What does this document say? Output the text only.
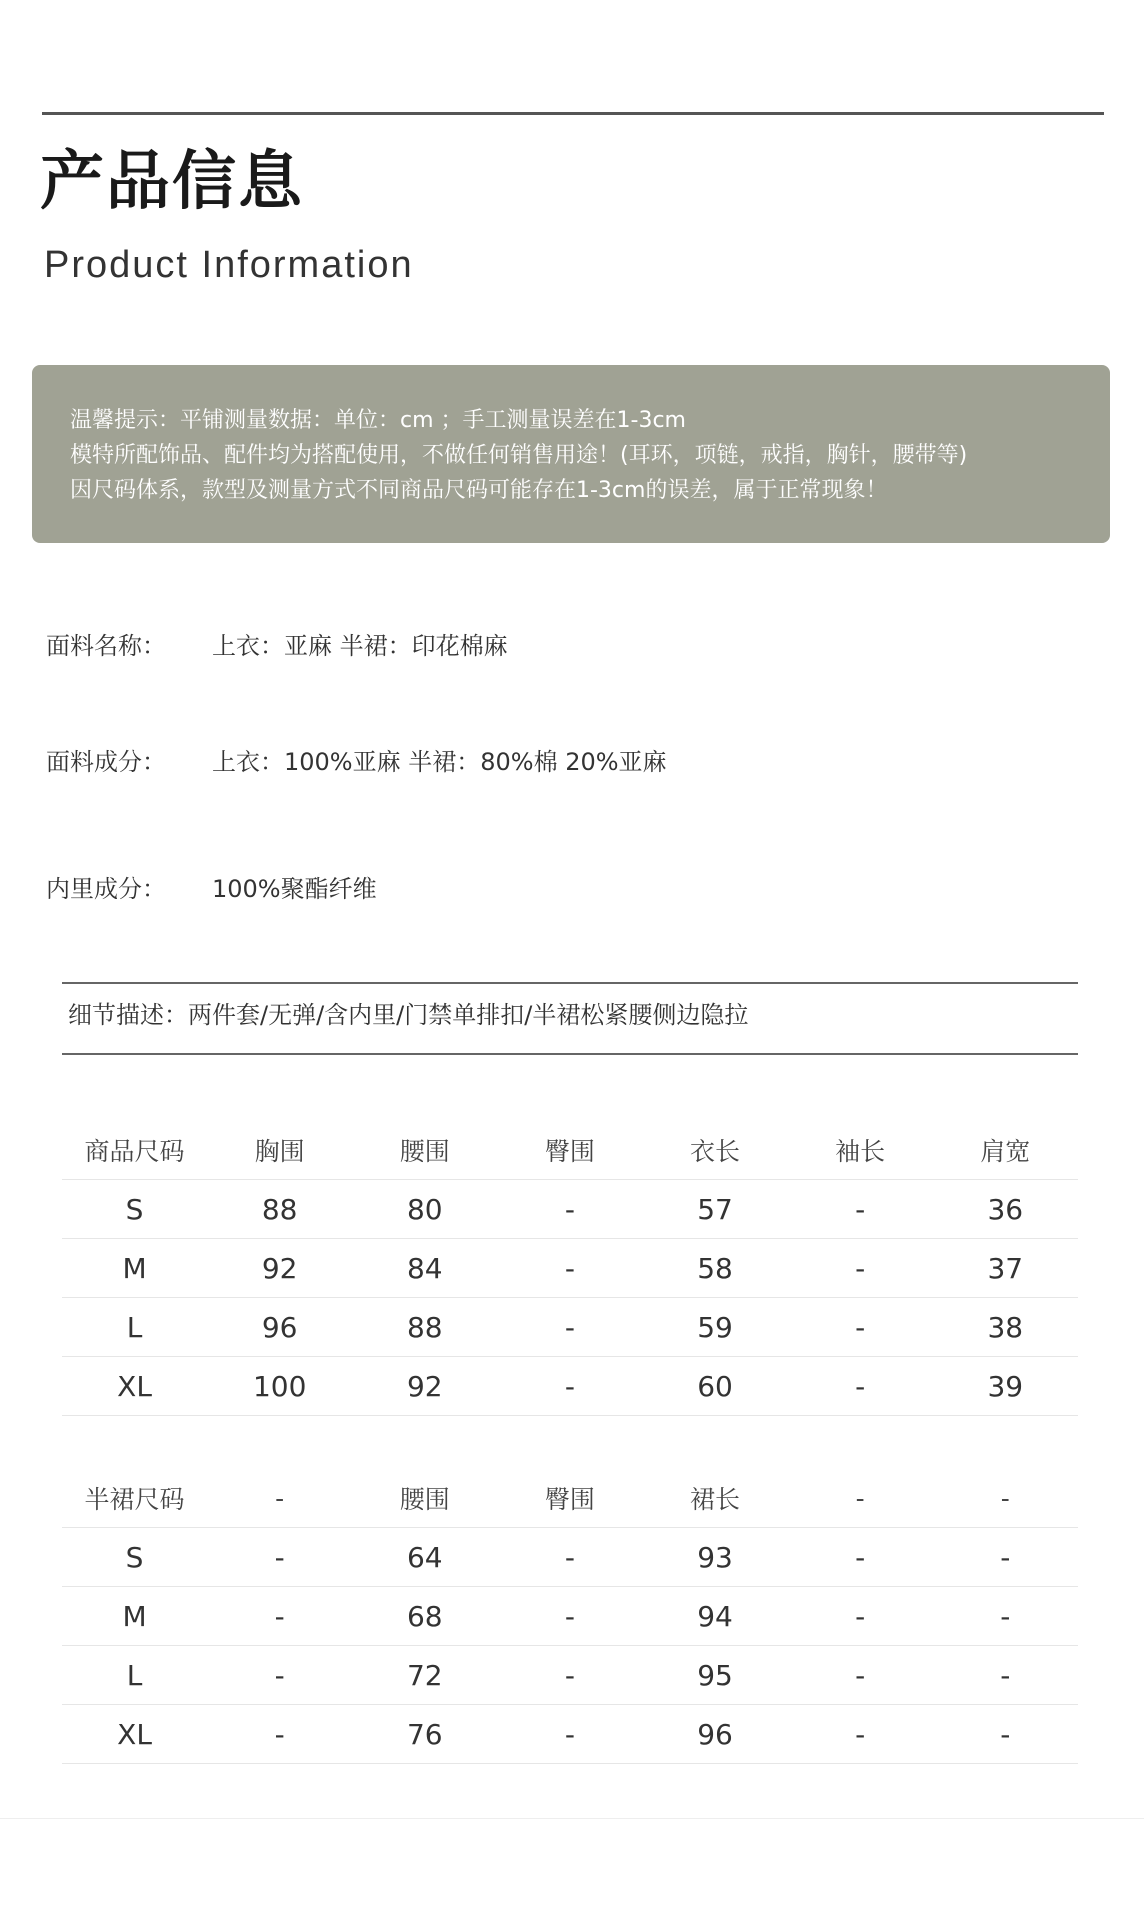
产品信息
Product Information
温馨提示：平铺测量数据：单位：cm ；手工测量误差在1-3cm
模特所配饰品、配件均为搭配使用，不做任何销售用途！(耳环，项链，戒指，胸针，腰带等)
因尺码体系，款型及测量方式不同商品尺码可能存在1-3cm的误差，属于正常现象！
面料名称： 上衣：亚麻 半裙：印花棉麻
面料成分： 上衣：100%亚麻 半裙：80%棉 20%亚麻
内里成分： 100%聚酯纤维
细节描述：两件套/无弹/含内里/门禁单排扣/半裙松紧腰侧边隐拉
商品尺码	胸围	腰围	臀围	衣长	袖长	肩宽
S	88	80	-	57	-	36
M	92	84	-	58	-	37
L	96	88	-	59	-	38
XL	100	92	-	60	-	39
半裙尺码	-	腰围	臀围	裙长	-	-
S	-	64	-	93	-	-
M	-	68	-	94	-	-
L	-	72	-	95	-	-
XL	-	76	-	96	-	-
